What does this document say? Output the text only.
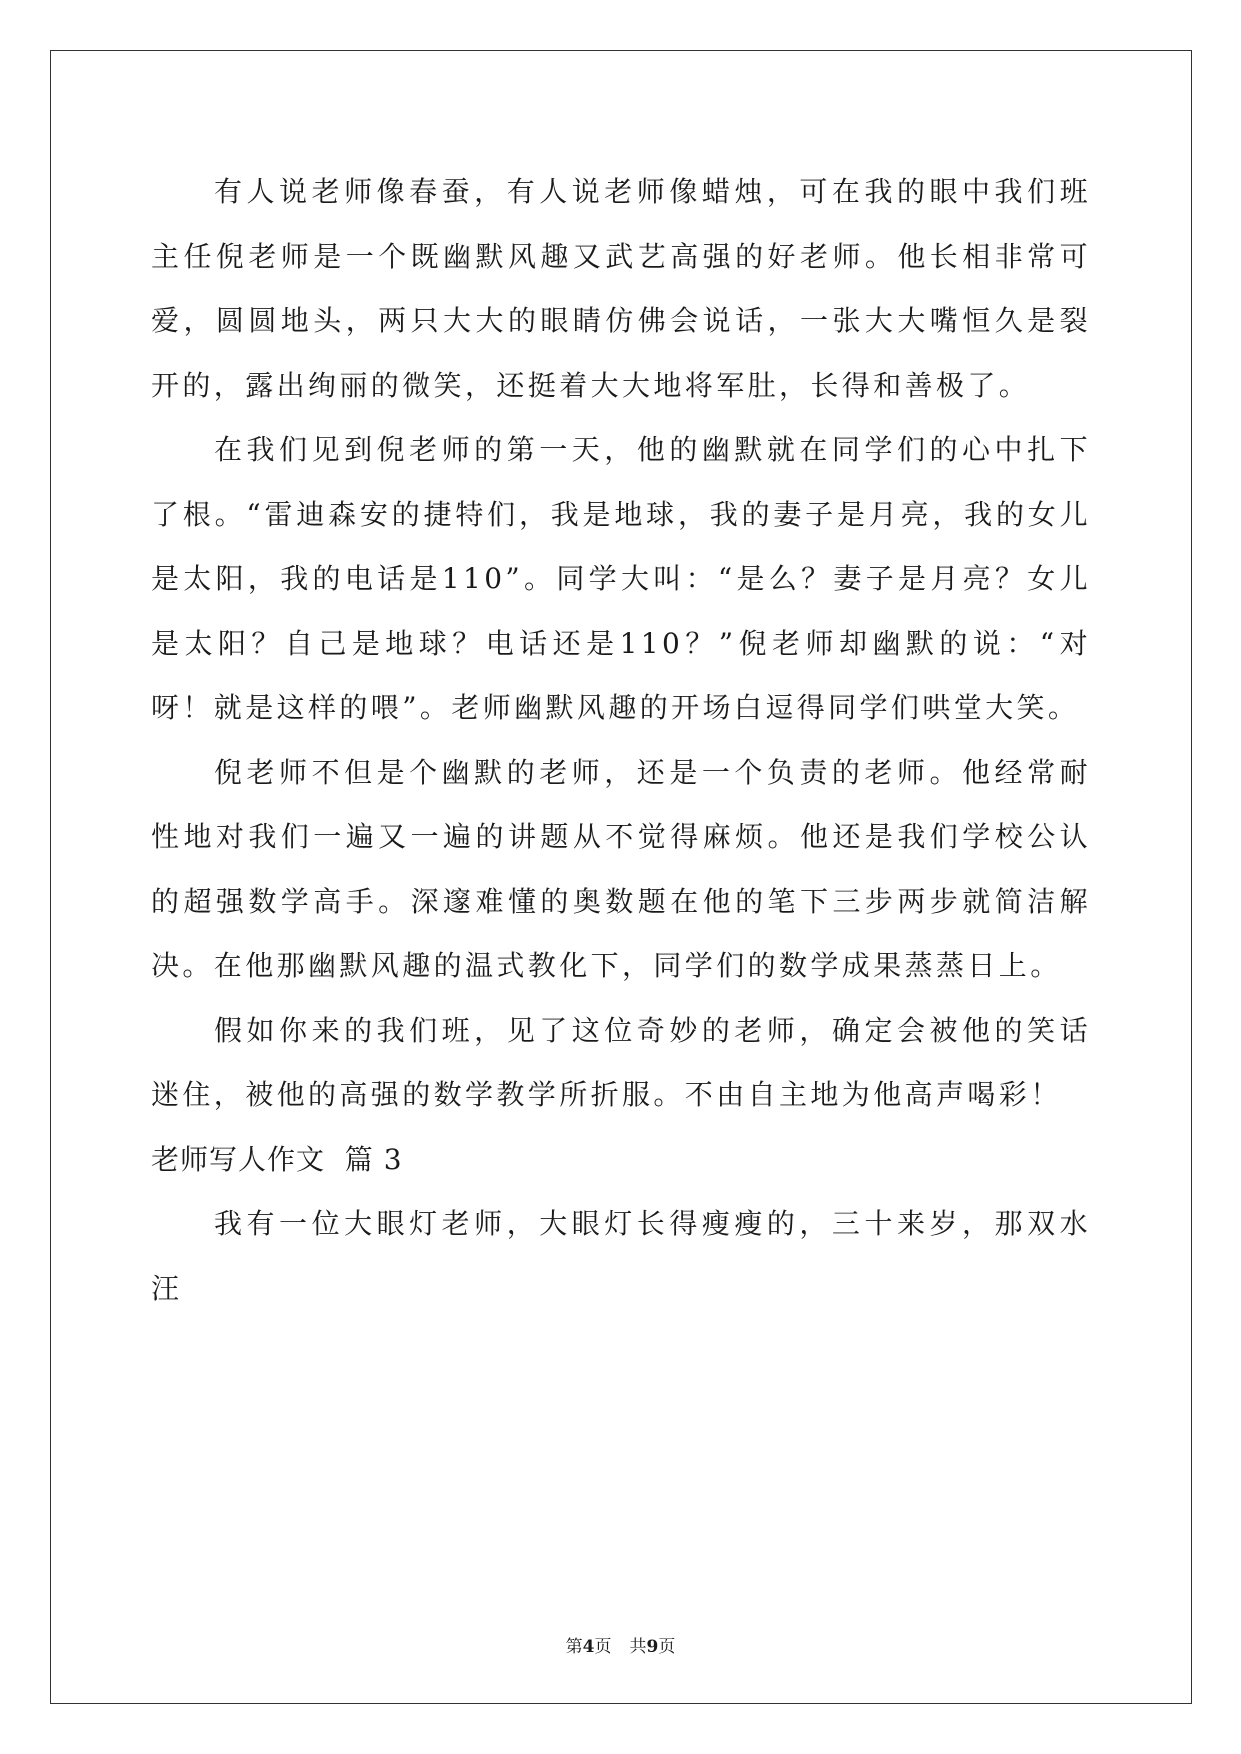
有人说老师像春蚕，有人说老师像蜡烛，可在我的眼中我们班主任倪老师是一个既幽默风趣又武艺高强的好老师。他长相非常可爱，圆圆地头，两只大大的眼睛仿佛会说话，一张大大嘴恒久是裂开的，露出绚丽的微笑，还挺着大大地将军肚，长得和善极了。

在我们见到倪老师的第一天，他的幽默就在同学们的心中扎下了根。“雷迪森安的捷特们，我是地球，我的妻子是月亮，我的女儿是太阳，我的电话是110”。同学大叫：“是么？妻子是月亮？女儿是太阳？自己是地球？电话还是110？”倪老师却幽默的说：“对呀！就是这样的喂”。老师幽默风趣的开场白逗得同学们哄堂大笑。

倪老师不但是个幽默的老师，还是一个负责的老师。他经常耐性地对我们一遍又一遍的讲题从不觉得麻烦。他还是我们学校公认的超强数学高手。深邃难懂的奥数题在他的笔下三步两步就简洁解决。在他那幽默风趣的温式教化下，同学们的数学成果蒸蒸日上。

假如你来的我们班，见了这位奇妙的老师，确定会被他的笑话迷住，被他的高强的数学教学所折服。不由自主地为他高声喝彩！

老师写人作文  篇 3

我有一位大眼灯老师，大眼灯长得瘦瘦的，三十来岁，那双水汪

第4页 共9页
